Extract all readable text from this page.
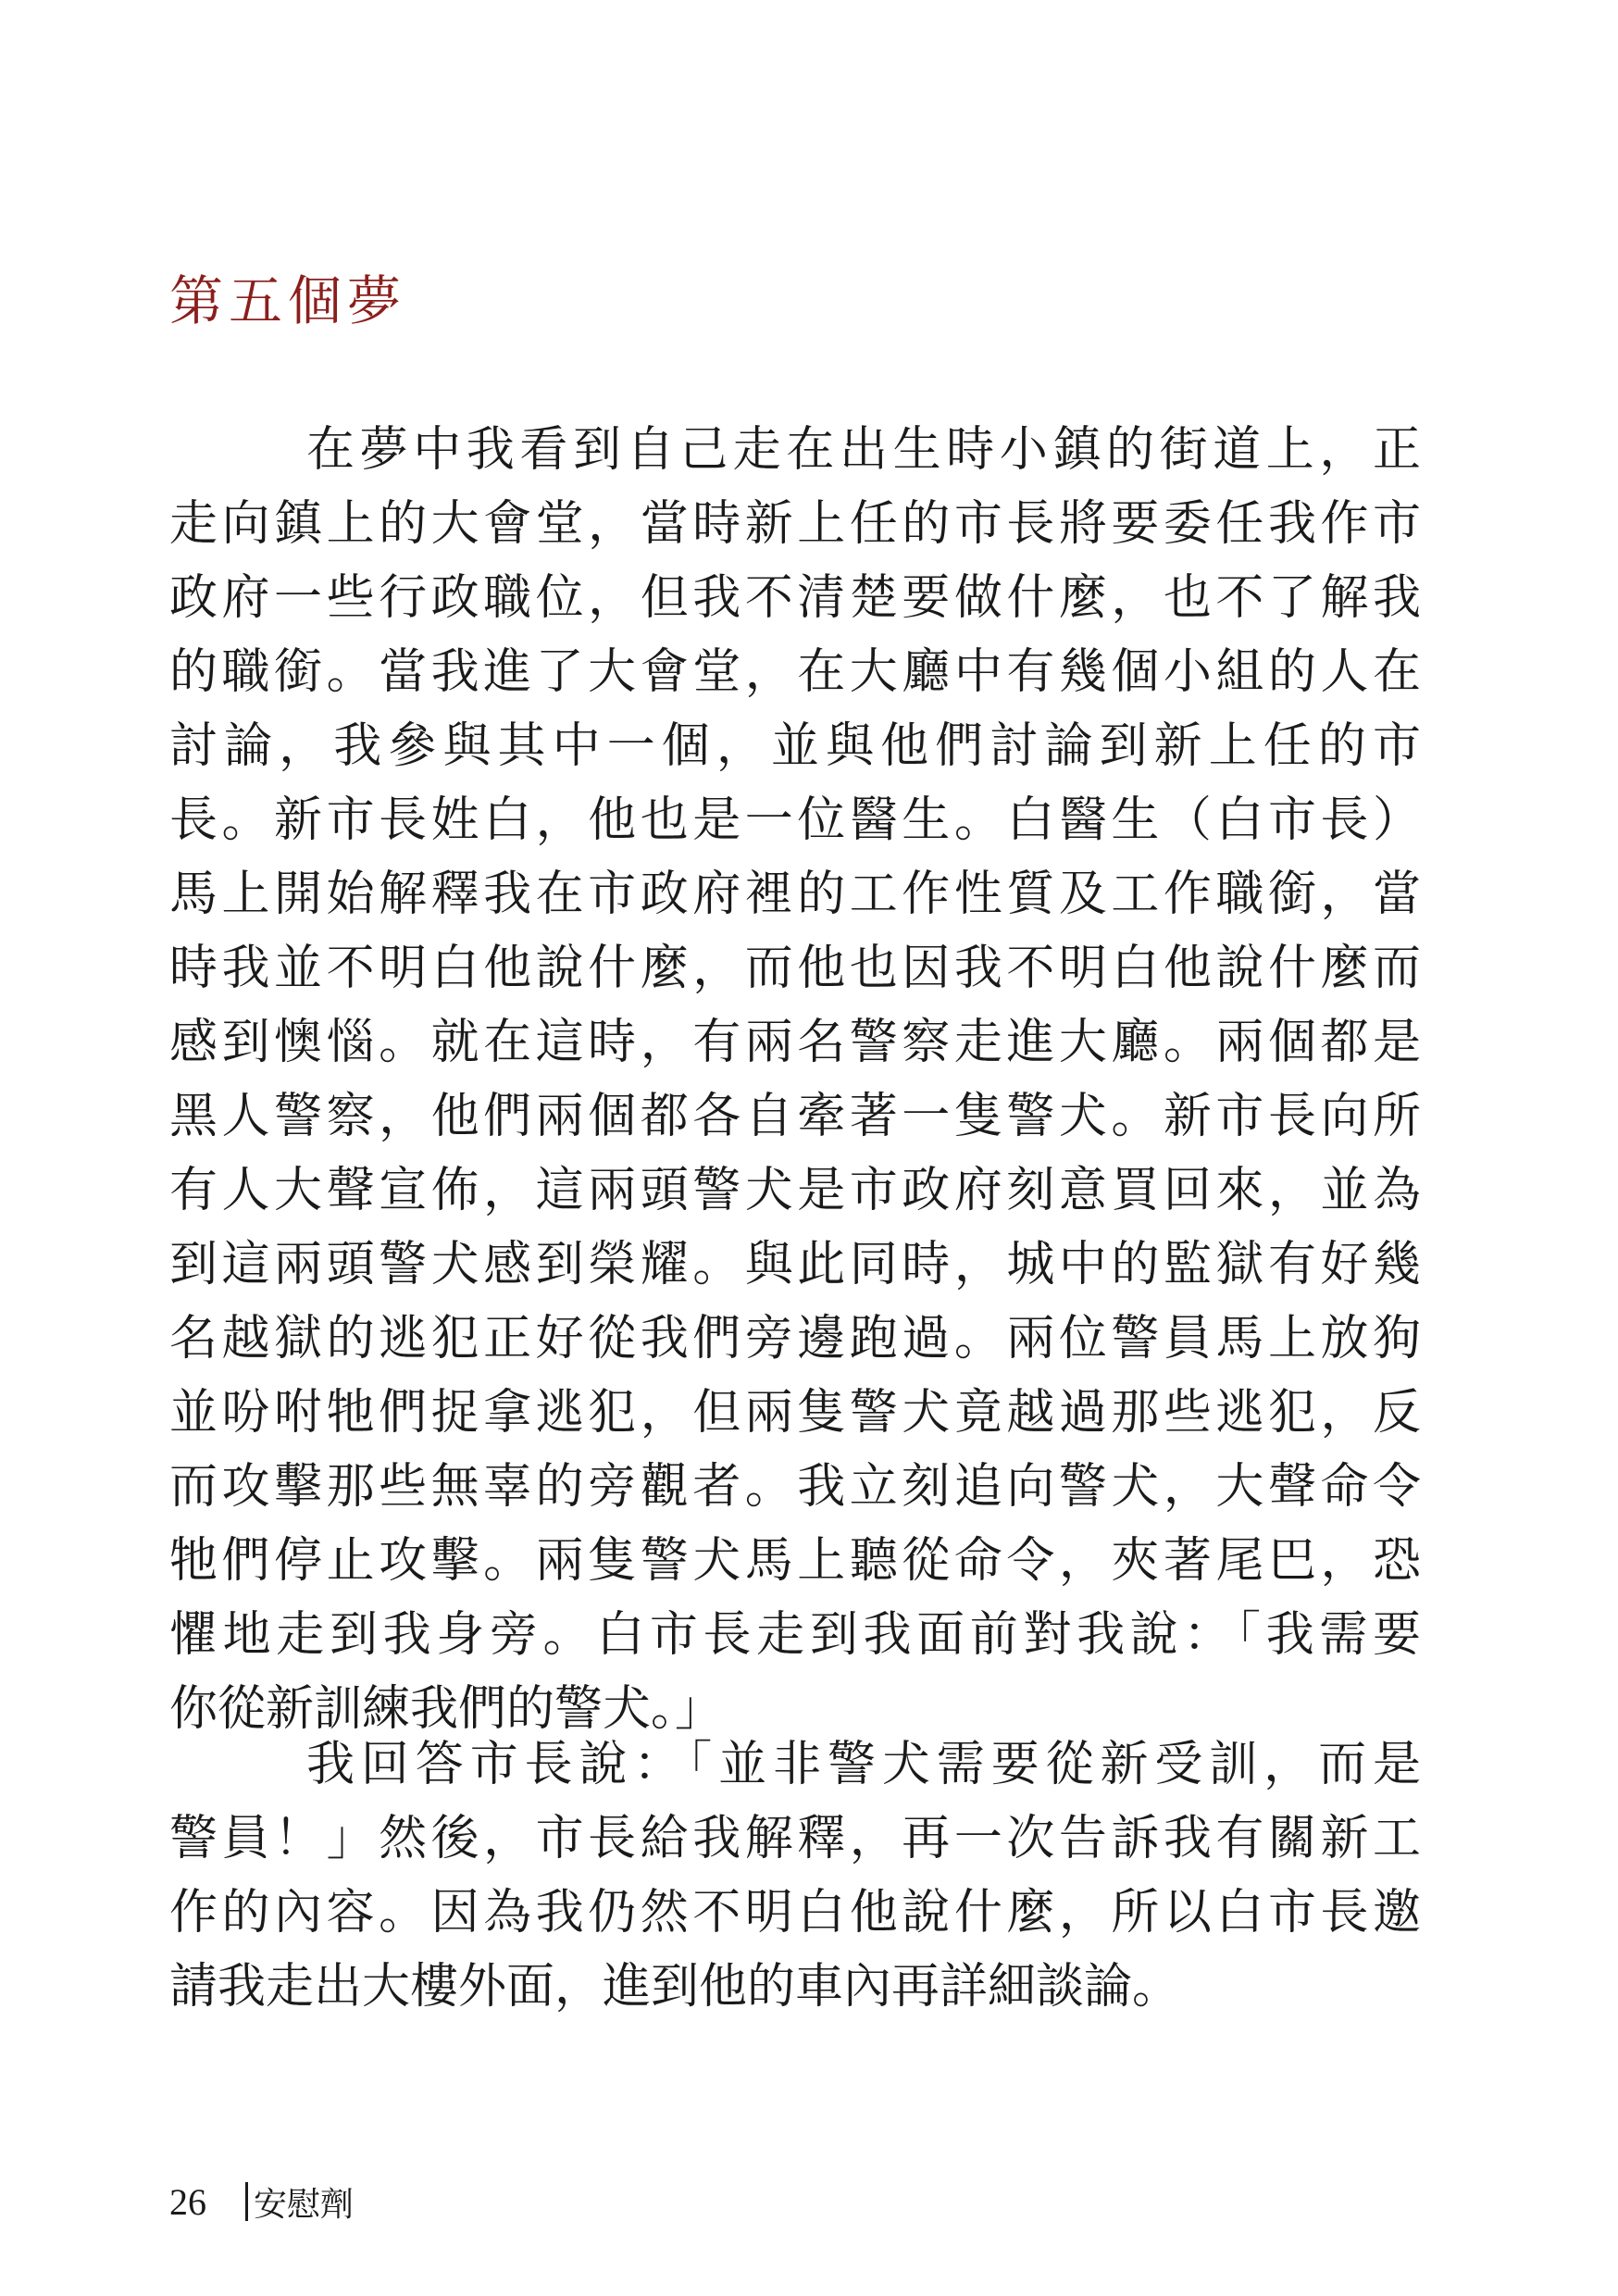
第五個夢
在夢中我看到自己走在出生時小鎮的街道上，正
走向鎮上的大會堂，當時新上任的市長將要委任我作市
政府一些行政職位，但我不清楚要做什麼，也不了解我
的職銜。當我進了大會堂，在大廳中有幾個小組的人在
討論，我參與其中一個，並與他們討論到新上任的市
長。新市長姓白，他也是一位醫生。白醫生（白市長）
馬上開始解釋我在市政府裡的工作性質及工作職銜，當
時我並不明白他說什麼，而他也因我不明白他說什麼而
感到懊惱。就在這時，有兩名警察走進大廳。兩個都是
黑人警察，他們兩個都各自牽著一隻警犬。新市長向所
有人大聲宣佈，這兩頭警犬是市政府刻意買回來，並為
到這兩頭警犬感到榮耀。與此同時，城中的監獄有好幾
名越獄的逃犯正好從我們旁邊跑過。兩位警員馬上放狗
並吩咐牠們捉拿逃犯，但兩隻警犬竟越過那些逃犯，反
而攻擊那些無辜的旁觀者。我立刻追向警犬，大聲命令
牠們停止攻擊。兩隻警犬馬上聽從命令，夾著尾巴，恐
懼地走到我身旁。白市長走到我面前對我說：「我需要
你從新訓練我們的警犬。」
我回答市長說：「並非警犬需要從新受訓，而是
警員！」然後，市長給我解釋，再一次告訴我有關新工
作的內容。因為我仍然不明白他說什麼，所以白市長邀
請我走出大樓外面，進到他的車內再詳細談論。
26 安慰劑
